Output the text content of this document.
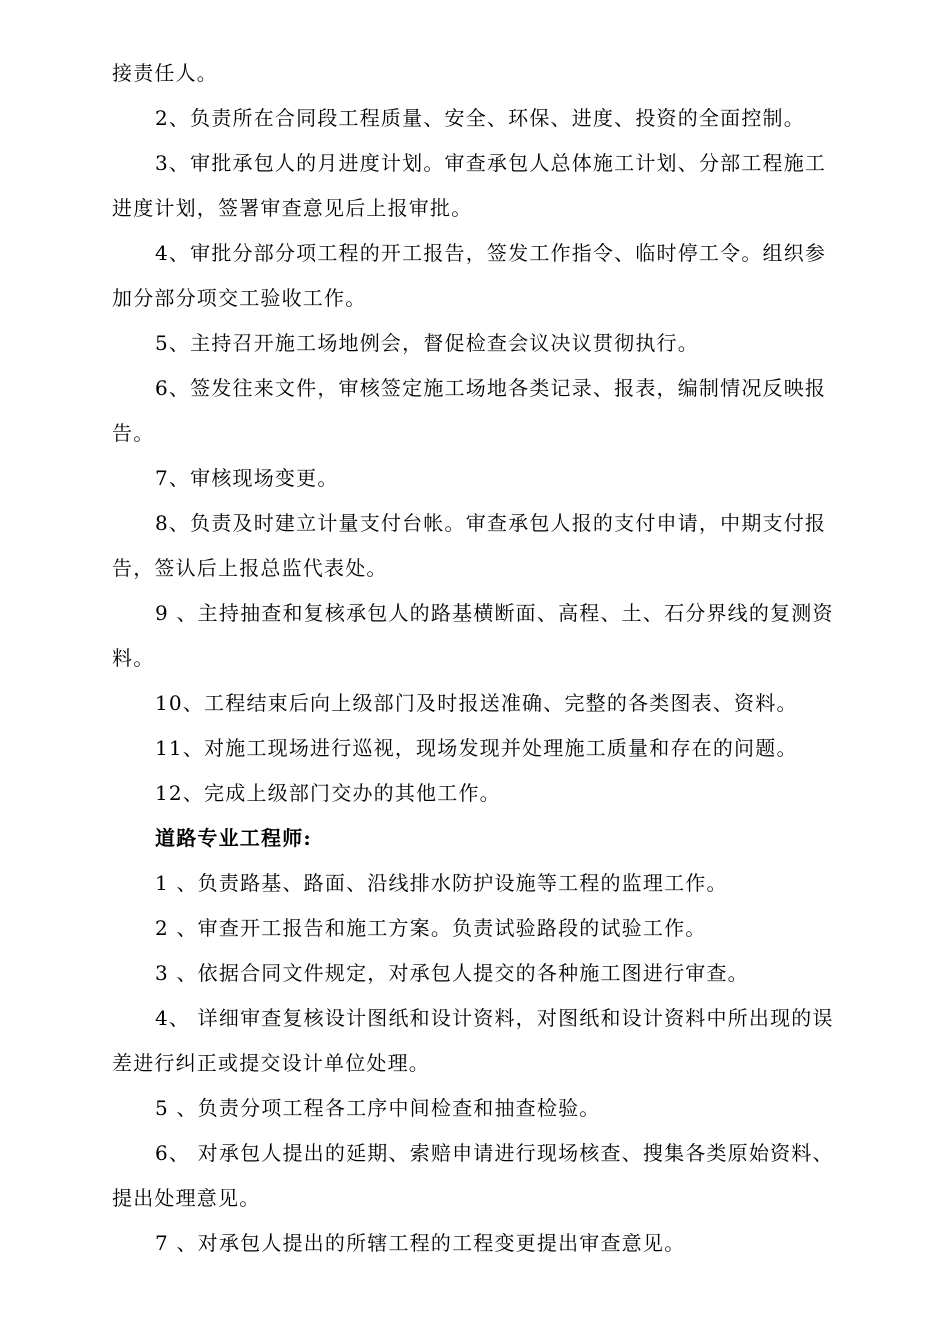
接责任人。
2、负责所在合同段工程质量、安全、环保、进度、投资的全面控制。
3、审批承包人的月进度计划。审查承包人总体施工计划、分部工程施工
进度计划，签署审查意见后上报审批。
4、审批分部分项工程的开工报告，签发工作指令、临时停工令。组织参
加分部分项交工验收工作。
5、主持召开施工场地例会，督促检查会议决议贯彻执行。
6、签发往来文件，审核签定施工场地各类记录、报表，编制情况反映报
告。
7、审核现场变更。
8、负责及时建立计量支付台帐。审查承包人报的支付申请，中期支付报
告，签认后上报总监代表处。
9 、主持抽查和复核承包人的路基横断面、高程、土、石分界线的复测资
料。
10、工程结束后向上级部门及时报送准确、完整的各类图表、资料。
11、对施工现场进行巡视，现场发现并处理施工质量和存在的问题。
12、完成上级部门交办的其他工作。
道路专业工程师:
1 、负责路基、路面、沿线排水防护设施等工程的监理工作。
2 、审查开工报告和施工方案。负责试验路段的试验工作。
3 、依据合同文件规定，对承包人提交的各种施工图进行审查。
4、 详细审查复核设计图纸和设计资料，对图纸和设计资料中所出现的误
差进行纠正或提交设计单位处理。
5 、负责分项工程各工序中间检查和抽查检验。
6、 对承包人提出的延期、索赔申请进行现场核查、搜集各类原始资料、
提出处理意见。
7 、对承包人提出的所辖工程的工程变更提出审查意见。
